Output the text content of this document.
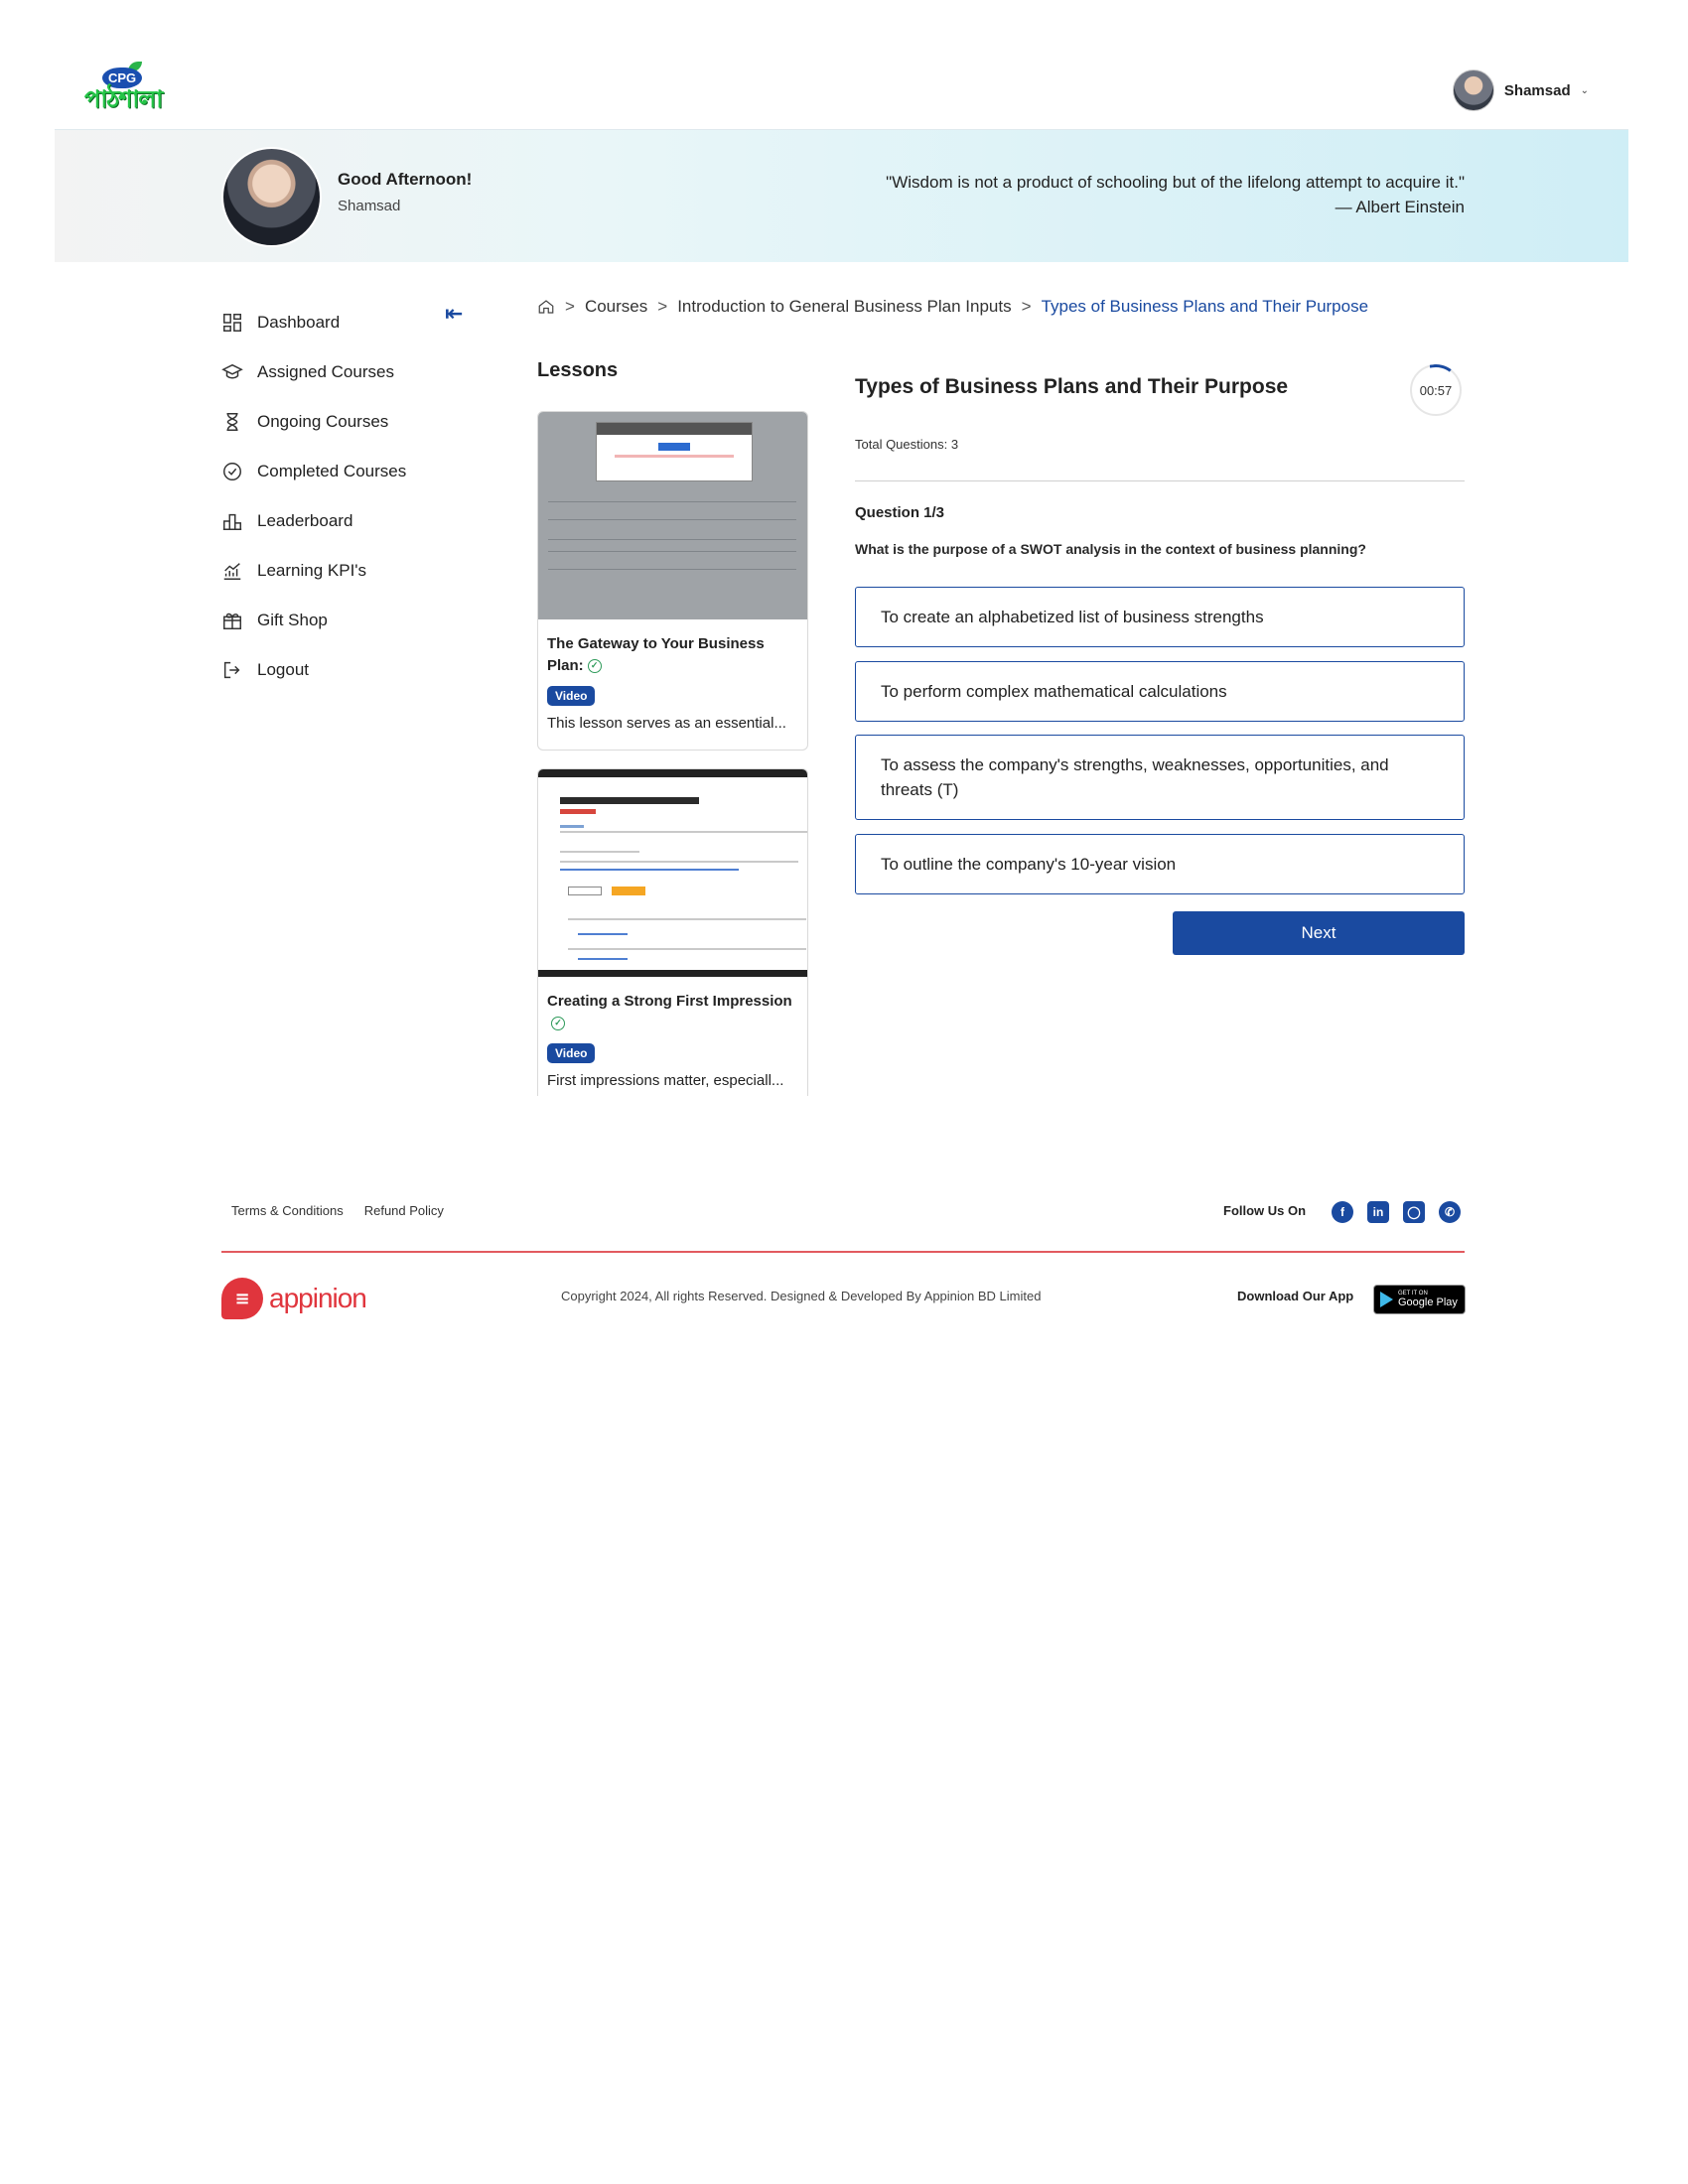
CPG
পাঠশালা	Shamsad ⌄
Good Afternoon!
Shamsad
"Wisdom is not a product of schooling but of the lifelong attempt to acquire it."
— Albert Einstein
Dashboard
Assigned Courses
Ongoing Courses
Completed Courses
Leaderboard
Learning KPI's
Gift Shop
Logout
⇤	> Courses > Introduction to General Business Plan Inputs > Types of Business Plans and Their Purpose
Lessons
The Gateway to Your Business Plan: ✓
Video
This lesson serves as an essential...
Creating a Strong First Impression
✓
Video
First impressions matter, especiall...
Types of Business Plans and Their Purpose	00:57
Total Questions: 3
Question 1/3
What is the purpose of a SWOT analysis in the context of business planning?
To create an alphabetized list of business strengths
To perform complex mathematical calculations
To assess the company's strengths, weaknesses, opportunities, and threats (T)
To outline the company's 10-year vision
Next
Terms & Conditions Refund Policy	Follow Us On	f	in	◯	✆
≡ appinion	Copyright 2024, All rights Reserved. Designed & Developed By Appinion BD Limited	Download Our App	GET IT ON
Google Play
